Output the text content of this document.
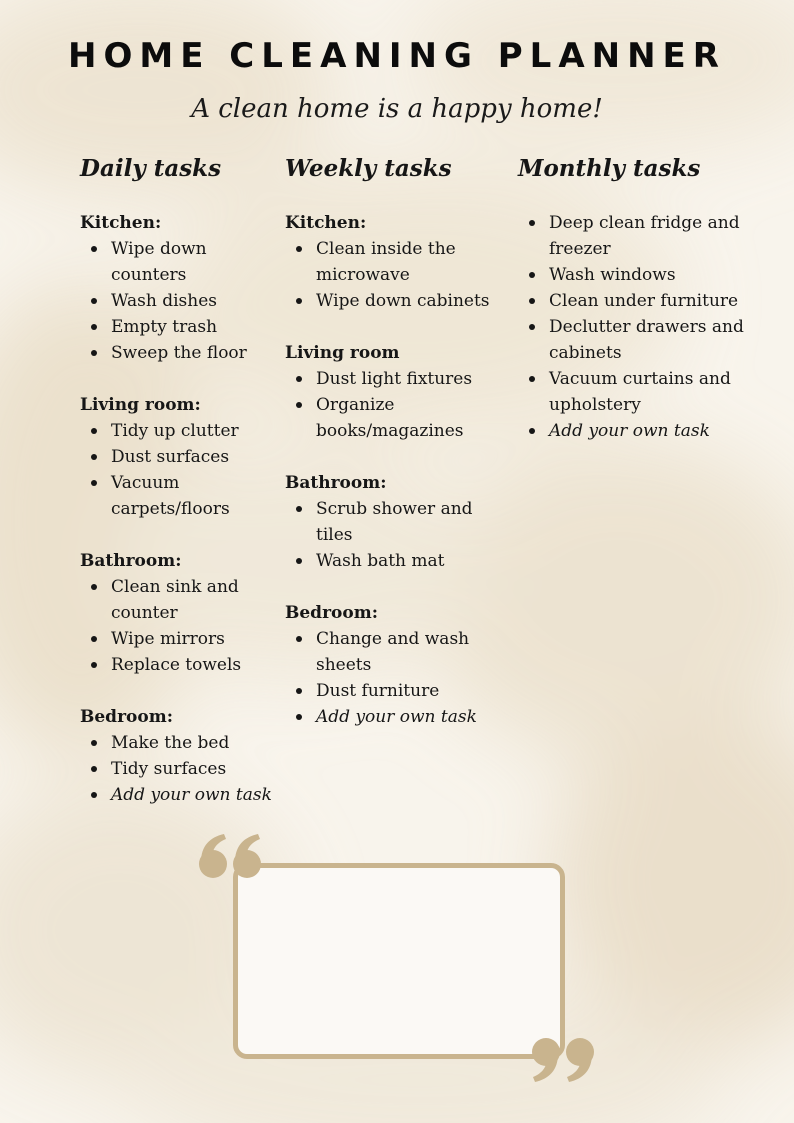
HOME CLEANING PLANNER

A clean home is a happy home!

Daily tasks
Kitchen:
Wipe down counters
Wash dishes
Empty trash
Sweep the floor
Living room:
Tidy up clutter
Dust surfaces
Vacuum carpets/floors
Bathroom:
Clean sink and counter
Wipe mirrors
Replace towels
Bedroom:
Make the bed
Tidy surfaces
Add your own task
Weekly tasks
Kitchen:
Clean inside the microwave
Wipe down cabinets
Living room
Dust light fixtures
Organize books/magazines
Bathroom:
Scrub shower and tiles
Wash bath mat
Bedroom:
Change and wash sheets
Dust furniture
Add your own task
Monthly tasks
Deep clean fridge and freezer
Wash windows
Clean under furniture
Declutter drawers and cabinets
Vacuum curtains and upholstery
Add your own task
